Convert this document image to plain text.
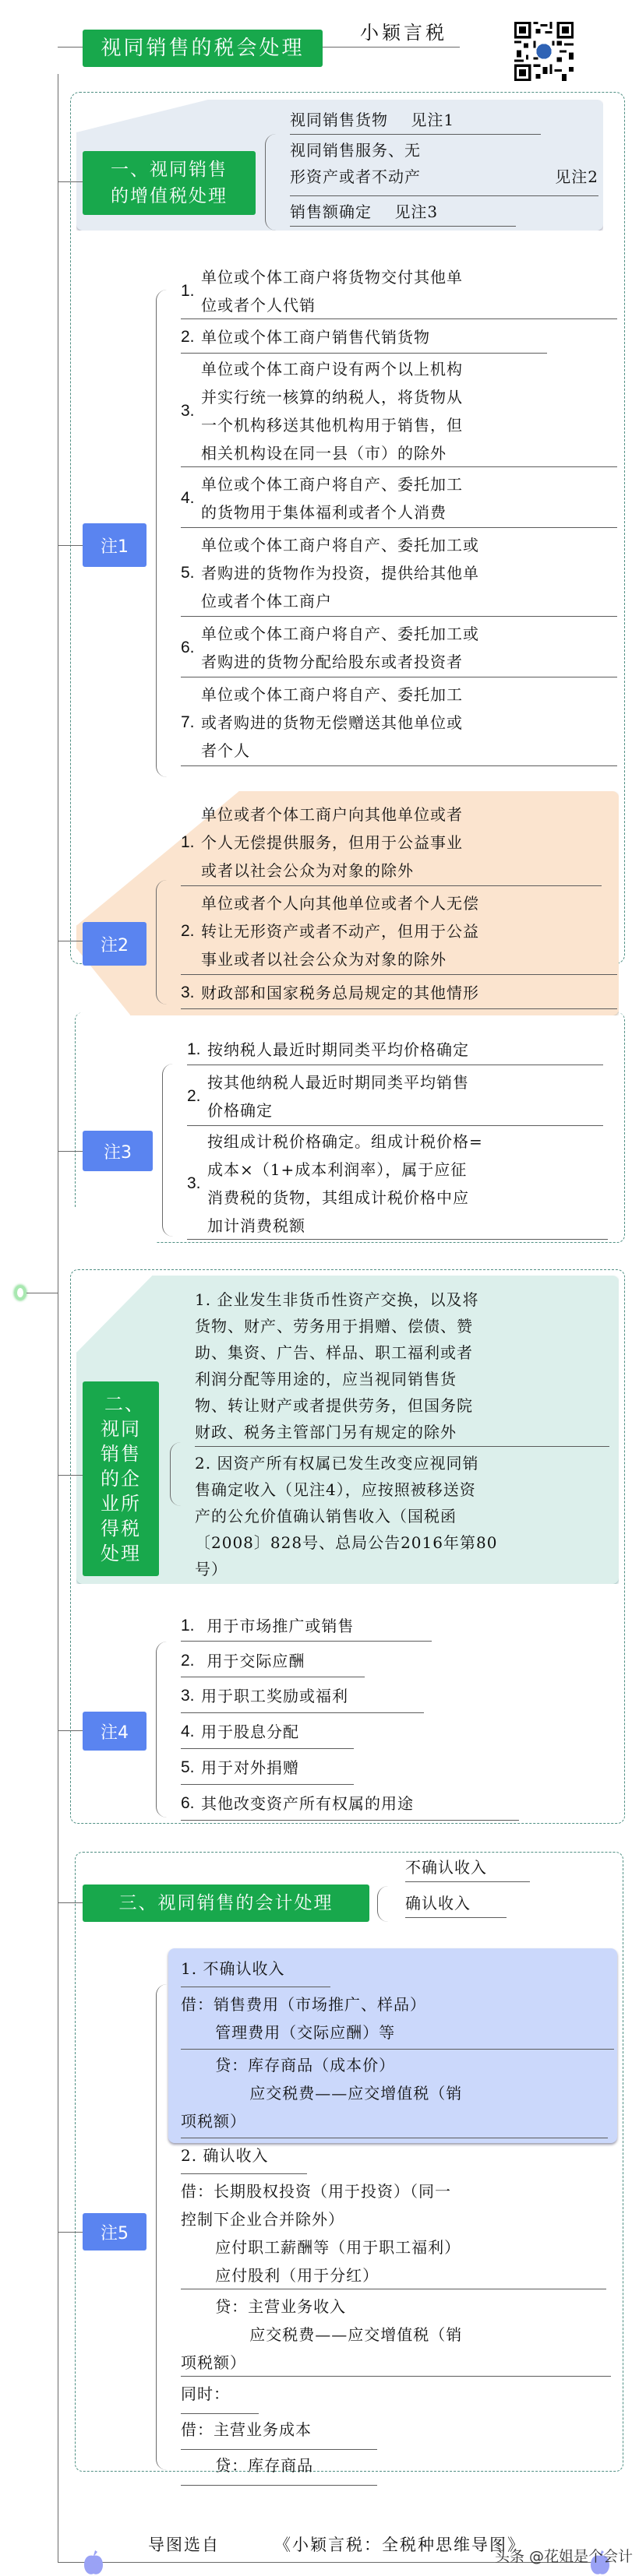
视同销售的税会处理
小颖言税
一、视同销售
的增值税处理
视同销售货物 见注1
视同销售服务、无
形资产或者不动产	见注2
销售额确定 见注3
注1
1.
单位或个体工商户将货物交付其他单
位或者个人代销
2. 单位或个体工商户销售代销货物
3.
单位或个体工商户设有两个以上机构
并实行统一核算的纳税人，将货物从
一个机构移送其他机构用于销售，但
相关机构设在同一县（市）的除外
4.
单位或个体工商户将自产、委托加工
的货物用于集体福利或者个人消费
5.
单位或个体工商户将自产、委托加工或
者购进的货物作为投资，提供给其他单
位或者个体工商户
6.
单位或个体工商户将自产、委托加工或
者购进的货物分配给股东或者投资者
7.
单位或个体工商户将自产、委托加工
或者购进的货物无偿赠送其他单位或
者个人
注2
1.
单位或者个体工商户向其他单位或者
个人无偿提供服务，但用于公益事业
或者以社会公众为对象的除外
2.
单位或者个人向其他单位或者个人无偿
转让无形资产或者不动产，但用于公益
事业或者以社会公众为对象的除外
3. 财政部和国家税务总局规定的其他情形
注3
1. 按纳税人最近时期同类平均价格确定
2.
按其他纳税人最近时期同类平均销售
价格确定
3.
按组成计税价格确定。组成计税价格=
成本×（1+成本利润率），属于应征
消费税的货物，其组成计税价格中应
加计消费税额
二、
视同
销售
的企
业所
得税
处理
1. 企业发生非货币性资产交换，以及将
货物、财产、劳务用于捐赠、偿债、赞
助、集资、广告、样品、职工福利或者
利润分配等用途的，应当视同销售货
物、转让财产或者提供劳务，但国务院
财政、税务主管部门另有规定的除外
2. 因资产所有权属已发生改变应视同销
售确定收入（见注4），应按照被移送资
产的公允价值确认销售收入（国税函
〔2008〕828号、总局公告2016年第80
号）
注4
1. 用于市场推广或销售
2. 用于交际应酬
3. 用于职工奖励或福利
4. 用于股息分配
5. 用于对外捐赠
6. 其他改变资产所有权属的用途
三、视同销售的会计处理
不确认收入
确认收入
注5
1. 不确认收入
借：销售费用（市场推广、样品）
管理费用（交际应酬）等
贷：库存商品（成本价）
应交税费——应交增值税（销
项税额）
2. 确认收入
借：长期股权投资（用于投资）（同一
控制下企业合并除外）
应付职工薪酬等（用于职工福利）
应付股利（用于分红）
贷：主营业务收入
应交税费——应交增值税（销
项税额）
同时：
借：主营业务成本
贷：库存商品
导图选自	《小颖言税：全税种思维导图》
头条 @花姐是个会计
